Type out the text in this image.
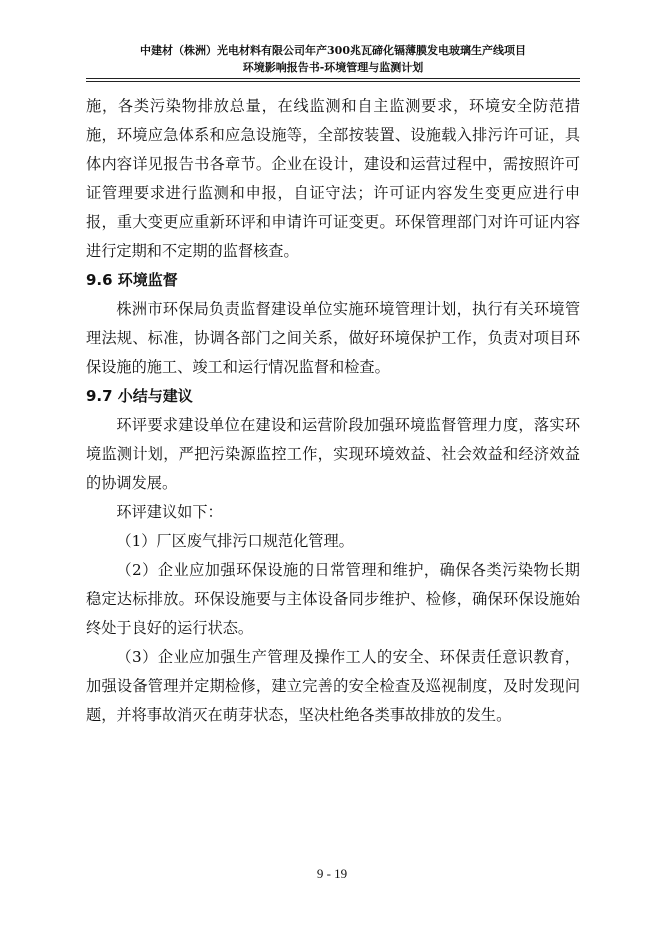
中建材（株洲）光电材料有限公司年产300兆瓦碲化镉薄膜发电玻璃生产线项目
环境影响报告书-环境管理与监测计划

施，各类污染物排放总量，在线监测和自主监测要求，环境安全防范措施，环境应急体系和应急设施等，全部按装置、设施载入排污许可证，具体内容详见报告书各章节。企业在设计，建设和运营过程中，需按照许可证管理要求进行监测和申报，自证守法；许可证内容发生变更应进行申报，重大变更应重新环评和申请许可证变更。环保管理部门对许可证内容进行定期和不定期的监督核查。

9.6 环境监督

株洲市环保局负责监督建设单位实施环境管理计划，执行有关环境管理法规、标准，协调各部门之间关系，做好环境保护工作，负责对项目环保设施的施工、竣工和运行情况监督和检查。

9.7 小结与建议

环评要求建设单位在建设和运营阶段加强环境监督管理力度，落实环境监测计划，严把污染源监控工作，实现环境效益、社会效益和经济效益的协调发展。

环评建议如下：

（1）厂区废气排污口规范化管理。

（2）企业应加强环保设施的日常管理和维护，确保各类污染物长期稳定达标排放。环保设施要与主体设备同步维护、检修，确保环保设施始终处于良好的运行状态。

（3）企业应加强生产管理及操作工人的安全、环保责任意识教育，加强设备管理并定期检修，建立完善的安全检查及巡视制度，及时发现问题，并将事故消灭在萌芽状态，坚决杜绝各类事故排放的发生。

9 - 19
